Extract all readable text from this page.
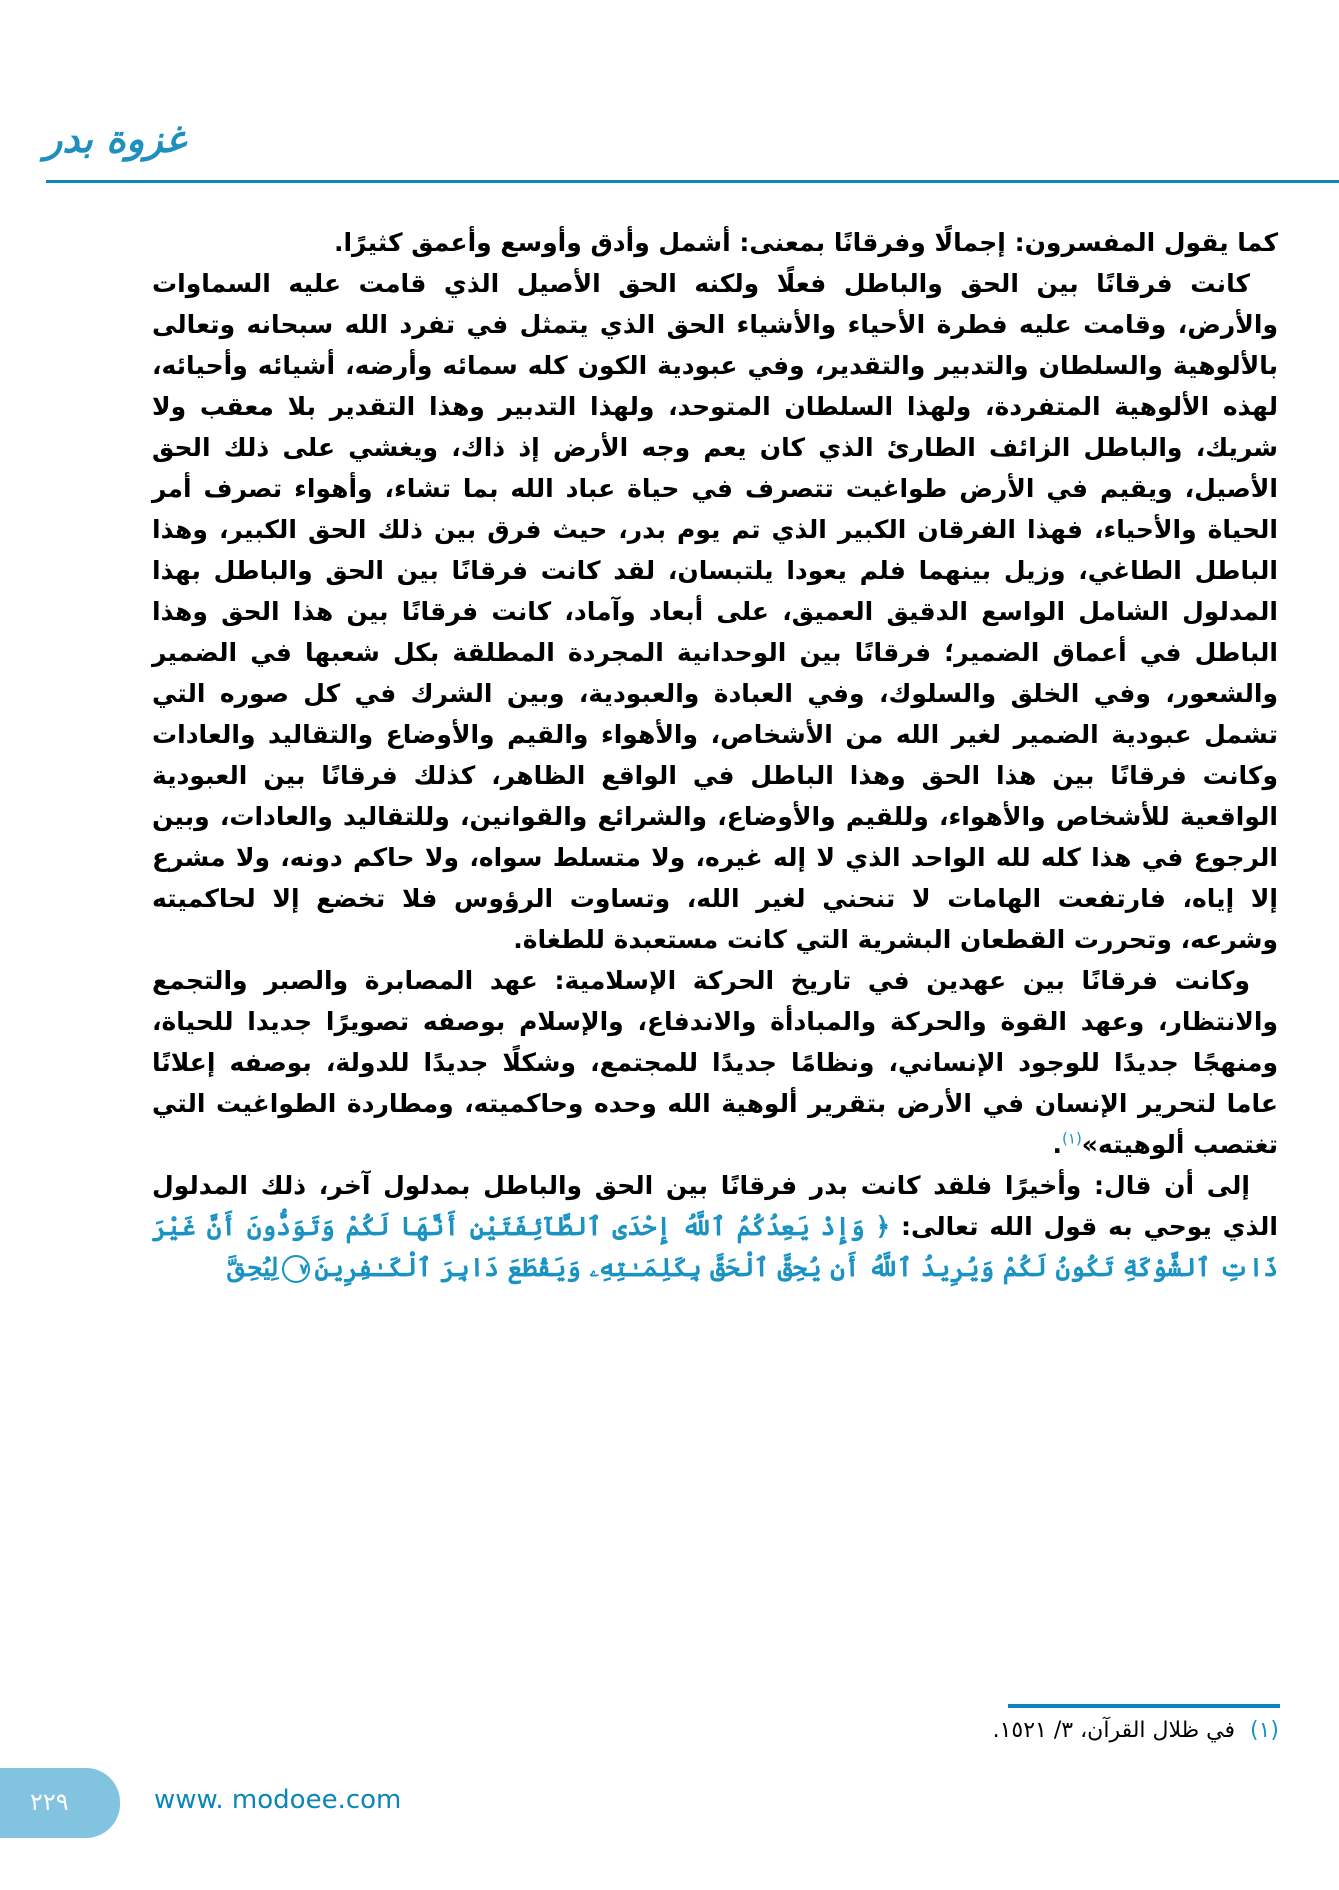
غزوة بدر

كما يقول المفسرون: إجمالًا وفرقانًا بمعنى: أشمل وأدق وأوسع وأعمق كثيرًا.

كانت فرقانًا بين الحق والباطل فعلًا ولكنه الحق الأصيل الذي قامت عليه السماوات والأرض، وقامت عليه فطرة الأحياء والأشياء الحق الذي يتمثل في تفرد الله سبحانه وتعالى بالألوهية والسلطان والتدبير والتقدير، وفي عبودية الكون كله سمائه وأرضه، أشيائه وأحيائه، لهذه الألوهية المتفردة، ولهذا السلطان المتوحد، ولهذا التدبير وهذا التقدير بلا معقب ولا شريك، والباطل الزائف الطارئ الذي كان يعم وجه الأرض إذ ذاك، ويغشي على ذلك الحق الأصيل، ويقيم في الأرض طواغيت تتصرف في حياة عباد الله بما تشاء، وأهواء تصرف أمر الحياة والأحياء، فهذا الفرقان الكبير الذي تم يوم بدر، حيث فرق بين ذلك الحق الكبير، وهذا الباطل الطاغي، وزيل بينهما فلم يعودا يلتبسان، لقد كانت فرقانًا بين الحق والباطل بهذا المدلول الشامل الواسع الدقيق العميق، على أبعاد وآماد، كانت فرقانًا بين هذا الحق وهذا الباطل في أعماق الضمير؛ فرقانًا بين الوحدانية المجردة المطلقة بكل شعبها في الضمير والشعور، وفي الخلق والسلوك، وفي العبادة والعبودية، وبين الشرك في كل صوره التي تشمل عبودية الضمير لغير الله من الأشخاص، والأهواء والقيم والأوضاع والتقاليد والعادات وكانت فرقانًا بين هذا الحق وهذا الباطل في الواقع الظاهر، كذلك فرقانًا بين العبودية الواقعية للأشخاص والأهواء، وللقيم والأوضاع، والشرائع والقوانين، وللتقاليد والعادات، وبين الرجوع في هذا كله لله الواحد الذي لا إله غيره، ولا متسلط سواه، ولا حاكم دونه، ولا مشرع إلا إياه، فارتفعت الهامات لا تنحني لغير الله، وتساوت الرؤوس فلا تخضع إلا لحاكميته وشرعه، وتحررت القطعان البشرية التي كانت مستعبدة للطغاة.

وكانت فرقانًا بين عهدين في تاريخ الحركة الإسلامية: عهد المصابرة والصبر والتجمع والانتظار، وعهد القوة والحركة والمبادأة والاندفاع، والإسلام بوصفه تصويرًا جديدا للحياة، ومنهجًا جديدًا للوجود الإنساني، ونظامًا جديدًا للمجتمع، وشكلًا جديدًا للدولة، بوصفه إعلانًا عاما لتحرير الإنسان في الأرض بتقرير ألوهية الله وحده وحاكميته، ومطاردة الطواغيت التي تغتصب ألوهيته»$^{(١)}$.

إلى أن قال: وأخيرًا فلقد كانت بدر فرقانًا بين الحق والباطل بمدلول آخر، ذلك المدلول الذي يوحي به قول الله تعالى: ﴿ وَإِذْ يَعِدُكُمُ ٱللَّهُ إِحْدَى ٱلطَّآئِفَتَيْنِ أَنَّهَا لَكُمْ وَتَوَدُّونَ أَنَّ غَيْرَ ذَاتِ ٱلشَّوْكَةِ تَكُونُ لَكُمْ وَيُرِيدُ ٱللَّهُ أَن يُحِقَّ ٱلْحَقَّ بِكَلِمَـٰتِهِۦ وَيَقْطَعَ دَابِرَ ٱلْكَـٰفِرِينَ٧لِيُحِقَّ

(١) في ظلال القرآن، ٣/ ١٥٢١.
٢٢٩	www. modoee.com
